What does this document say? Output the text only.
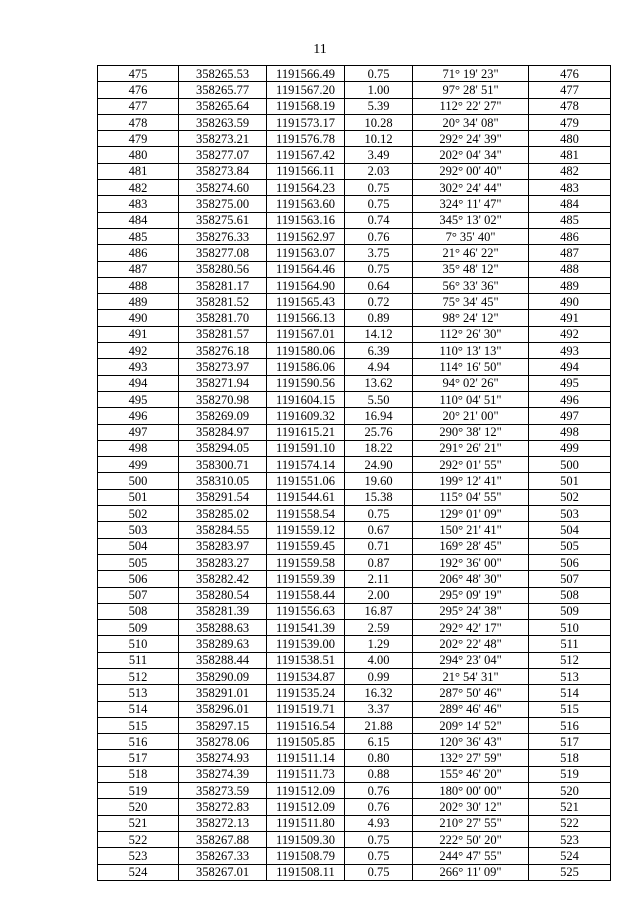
11
475	358265.53	1191566.49	0.75	71° 19' 23"	476
476	358265.77	1191567.20	1.00	97° 28' 51"	477
477	358265.64	1191568.19	5.39	112° 22' 27"	478
478	358263.59	1191573.17	10.28	20° 34' 08"	479
479	358273.21	1191576.78	10.12	292° 24' 39"	480
480	358277.07	1191567.42	3.49	202° 04' 34"	481
481	358273.84	1191566.11	2.03	292° 00' 40"	482
482	358274.60	1191564.23	0.75	302° 24' 44"	483
483	358275.00	1191563.60	0.75	324° 11' 47"	484
484	358275.61	1191563.16	0.74	345° 13' 02"	485
485	358276.33	1191562.97	0.76	7° 35' 40"	486
486	358277.08	1191563.07	3.75	21° 46' 22"	487
487	358280.56	1191564.46	0.75	35° 48' 12"	488
488	358281.17	1191564.90	0.64	56° 33' 36"	489
489	358281.52	1191565.43	0.72	75° 34' 45"	490
490	358281.70	1191566.13	0.89	98° 24' 12"	491
491	358281.57	1191567.01	14.12	112° 26' 30"	492
492	358276.18	1191580.06	6.39	110° 13' 13"	493
493	358273.97	1191586.06	4.94	114° 16' 50"	494
494	358271.94	1191590.56	13.62	94° 02' 26"	495
495	358270.98	1191604.15	5.50	110° 04' 51"	496
496	358269.09	1191609.32	16.94	20° 21' 00"	497
497	358284.97	1191615.21	25.76	290° 38' 12"	498
498	358294.05	1191591.10	18.22	291° 26' 21"	499
499	358300.71	1191574.14	24.90	292° 01' 55"	500
500	358310.05	1191551.06	19.60	199° 12' 41"	501
501	358291.54	1191544.61	15.38	115° 04' 55"	502
502	358285.02	1191558.54	0.75	129° 01' 09"	503
503	358284.55	1191559.12	0.67	150° 21' 41"	504
504	358283.97	1191559.45	0.71	169° 28' 45"	505
505	358283.27	1191559.58	0.87	192° 36' 00"	506
506	358282.42	1191559.39	2.11	206° 48' 30"	507
507	358280.54	1191558.44	2.00	295° 09' 19"	508
508	358281.39	1191556.63	16.87	295° 24' 38"	509
509	358288.63	1191541.39	2.59	292° 42' 17"	510
510	358289.63	1191539.00	1.29	202° 22' 48"	511
511	358288.44	1191538.51	4.00	294° 23' 04"	512
512	358290.09	1191534.87	0.99	21° 54' 31"	513
513	358291.01	1191535.24	16.32	287° 50' 46"	514
514	358296.01	1191519.71	3.37	289° 46' 46"	515
515	358297.15	1191516.54	21.88	209° 14' 52"	516
516	358278.06	1191505.85	6.15	120° 36' 43"	517
517	358274.93	1191511.14	0.80	132° 27' 59"	518
518	358274.39	1191511.73	0.88	155° 46' 20"	519
519	358273.59	1191512.09	0.76	180° 00' 00"	520
520	358272.83	1191512.09	0.76	202° 30' 12"	521
521	358272.13	1191511.80	4.93	210° 27' 55"	522
522	358267.88	1191509.30	0.75	222° 50' 20"	523
523	358267.33	1191508.79	0.75	244° 47' 55"	524
524	358267.01	1191508.11	0.75	266° 11' 09"	525
